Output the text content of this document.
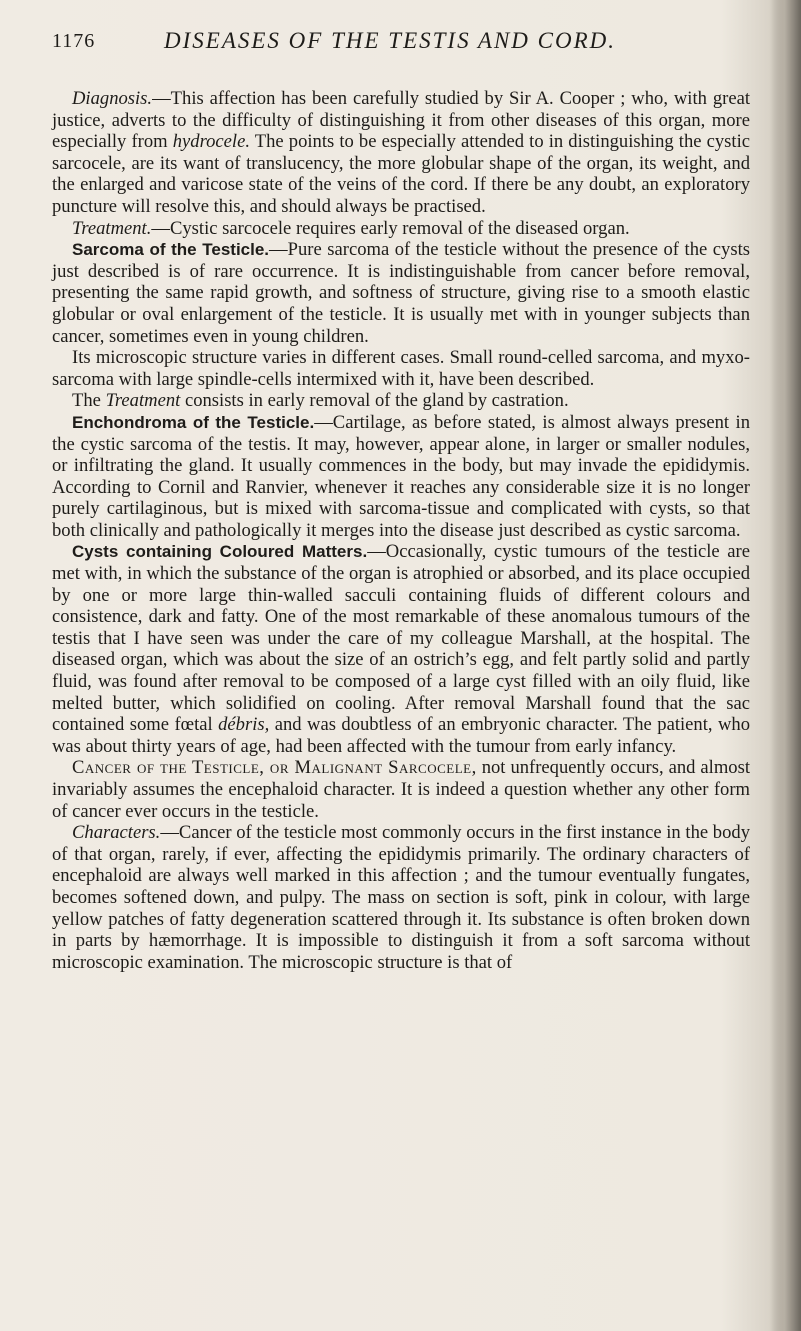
1176	DISEASES OF THE TESTIS AND CORD.

Diagnosis.—This affection has been carefully studied by Sir A. Cooper ; who, with great justice, adverts to the difficulty of distinguishing it from other diseases of this organ, more especially from hydrocele. The points to be especially attended to in distinguishing the cystic sarcocele, are its want of translucency, the more globular shape of the organ, its weight, and the enlarged and varicose state of the veins of the cord. If there be any doubt, an exploratory puncture will resolve this, and should always be practised.

Treatment.—Cystic sarcocele requires early removal of the diseased organ.

Sarcoma of the Testicle.—Pure sarcoma of the testicle without the presence of the cysts just described is of rare occurrence. It is indistinguishable from cancer before removal, presenting the same rapid growth, and softness of structure, giving rise to a smooth elastic globular or oval enlargement of the testicle. It is usually met with in younger subjects than cancer, sometimes even in young children.

Its microscopic structure varies in different cases. Small round-celled sarcoma, and myxo-sarcoma with large spindle-cells intermixed with it, have been described.

The Treatment consists in early removal of the gland by castration.

Enchondroma of the Testicle.—Cartilage, as before stated, is almost always present in the cystic sarcoma of the testis. It may, however, appear alone, in larger or smaller nodules, or infiltrating the gland. It usually commences in the body, but may invade the epididymis. According to Cornil and Ranvier, whenever it reaches any considerable size it is no longer purely cartilaginous, but is mixed with sarcoma-tissue and complicated with cysts, so that both clinically and pathologically it merges into the disease just described as cystic sarcoma.

Cysts containing Coloured Matters.—Occasionally, cystic tumours of the testicle are met with, in which the substance of the organ is atrophied or absorbed, and its place occupied by one or more large thin-walled sacculi containing fluids of different colours and consistence, dark and fatty. One of the most remarkable of these anomalous tumours of the testis that I have seen was under the care of my colleague Marshall, at the hospital. The diseased organ, which was about the size of an ostrich’s egg, and felt partly solid and partly fluid, was found after removal to be composed of a large cyst filled with an oily fluid, like melted butter, which solidified on cooling. After removal Marshall found that the sac contained some fœtal débris, and was doubtless of an embryonic character. The patient, who was about thirty years of age, had been affected with the tumour from early infancy.

Cancer of the Testicle, or Malignant Sarcocele, not unfrequently occurs, and almost invariably assumes the encephaloid character. It is indeed a question whether any other form of cancer ever occurs in the testicle.

Characters.—Cancer of the testicle most commonly occurs in the first instance in the body of that organ, rarely, if ever, affecting the epididymis primarily. The ordinary characters of encephaloid are always well marked in this affection ; and the tumour eventually fungates, becomes softened down, and pulpy. The mass on section is soft, pink in colour, with large yellow patches of fatty degeneration scattered through it. Its substance is often broken down in parts by hæmorrhage. It is impossible to distinguish it from a soft sarcoma without microscopic examination. The microscopic structure is that of
